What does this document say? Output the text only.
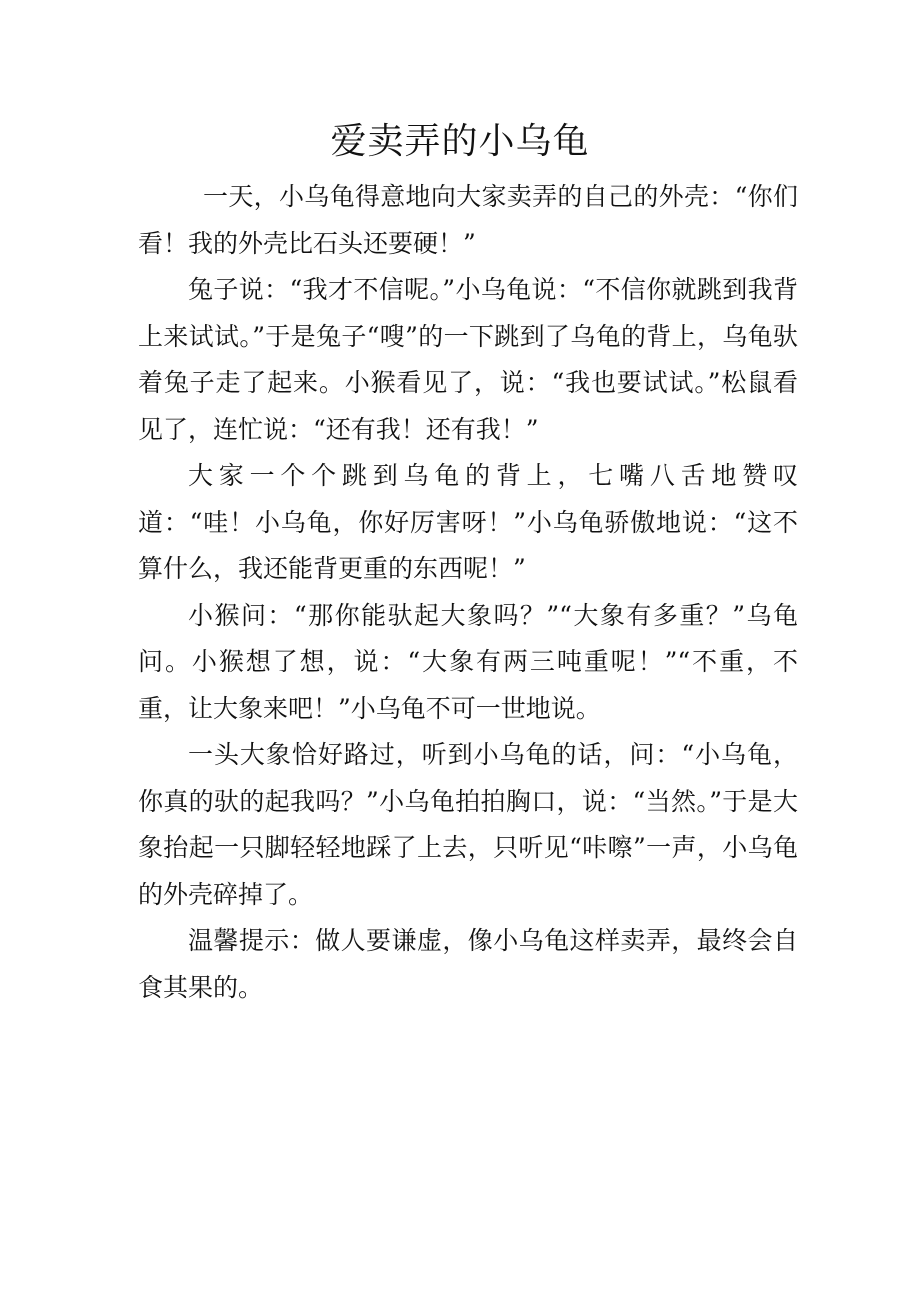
爱卖弄的小乌龟

一天，小乌龟得意地向大家卖弄的自己的外壳：“你们看！我的外壳比石头还要硬！”

兔子说：“我才不信呢。”小乌龟说：“不信你就跳到我背上来试试。”于是兔子“嗖”的一下跳到了乌龟的背上，乌龟驮着兔子走了起来。小猴看见了，说：“我也要试试。”松鼠看见了，连忙说：“还有我！还有我！”

大家一个个跳到乌龟的背上，七嘴八舌地赞叹道：“哇！小乌龟，你好厉害呀！”小乌龟骄傲地说：“这不算什么，我还能背更重的东西呢！”

小猴问：“那你能驮起大象吗？”“大象有多重？”乌龟问。小猴想了想，说：“大象有两三吨重呢！”“不重，不重，让大象来吧！”小乌龟不可一世地说。

一头大象恰好路过，听到小乌龟的话，问：“小乌龟，你真的驮的起我吗？”小乌龟拍拍胸口，说：“当然。”于是大象抬起一只脚轻轻地踩了上去，只听见“咔嚓”一声，小乌龟的外壳碎掉了。

温馨提示：做人要谦虚，像小乌龟这样卖弄，最终会自食其果的。
